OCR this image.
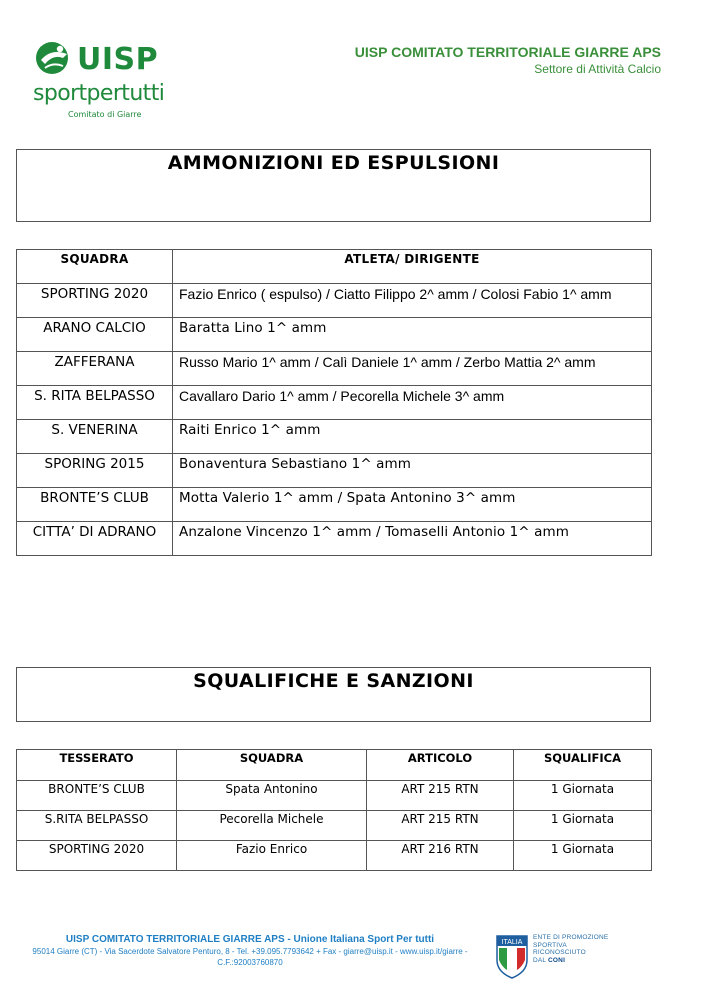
UISP
sportpertutti
Comitato di Giarre
UISP COMITATO TERRITORIALE GIARRE APS
Settore di Attività Calcio
AMMONIZIONI ED ESPULSIONI
SQUADRA	ATLETA/ DIRIGENTE
SPORTING 2020	Fazio Enrico ( espulso) / Ciatto Filippo 2^ amm / Colosi Fabio 1^ amm
ARANO CALCIO	Baratta Lino 1^ amm
ZAFFERANA	Russo Mario 1^ amm / Calì Daniele 1^ amm / Zerbo Mattia 2^ amm
S. RITA BELPASSO	Cavallaro Dario 1^ amm / Pecorella Michele 3^ amm
S. VENERINA	Raiti Enrico 1^ amm
SPORING 2015	Bonaventura Sebastiano 1^ amm
BRONTE’S CLUB	Motta Valerio 1^ amm / Spata Antonino 3^ amm
CITTA’ DI ADRANO	Anzalone Vincenzo 1^ amm / Tomaselli Antonio 1^ amm
SQUALIFICHE E SANZIONI
TESSERATO	SQUADRA	ARTICOLO	SQUALIFICA
BRONTE’S CLUB	Spata Antonino	ART 215 RTN	1 Giornata
S.RITA BELPASSO	Pecorella Michele	ART 215 RTN	1 Giornata
SPORTING 2020	Fazio Enrico	ART 216 RTN	1 Giornata
UISP COMITATO TERRITORIALE GIARRE APS - Unione Italiana Sport Per tutti
95014 Giarre (CT) - Via Sacerdote Salvatore Penturo, 8 - Tel. +39.095.7793642 + Fax - giarre@uisp.it - www.uisp.it/giarre -
C.F.:92003760870
ITALIA
ENTE DI PROMOZIONE
SPORTIVA
RICONOSCIUTO
DAL CONI
